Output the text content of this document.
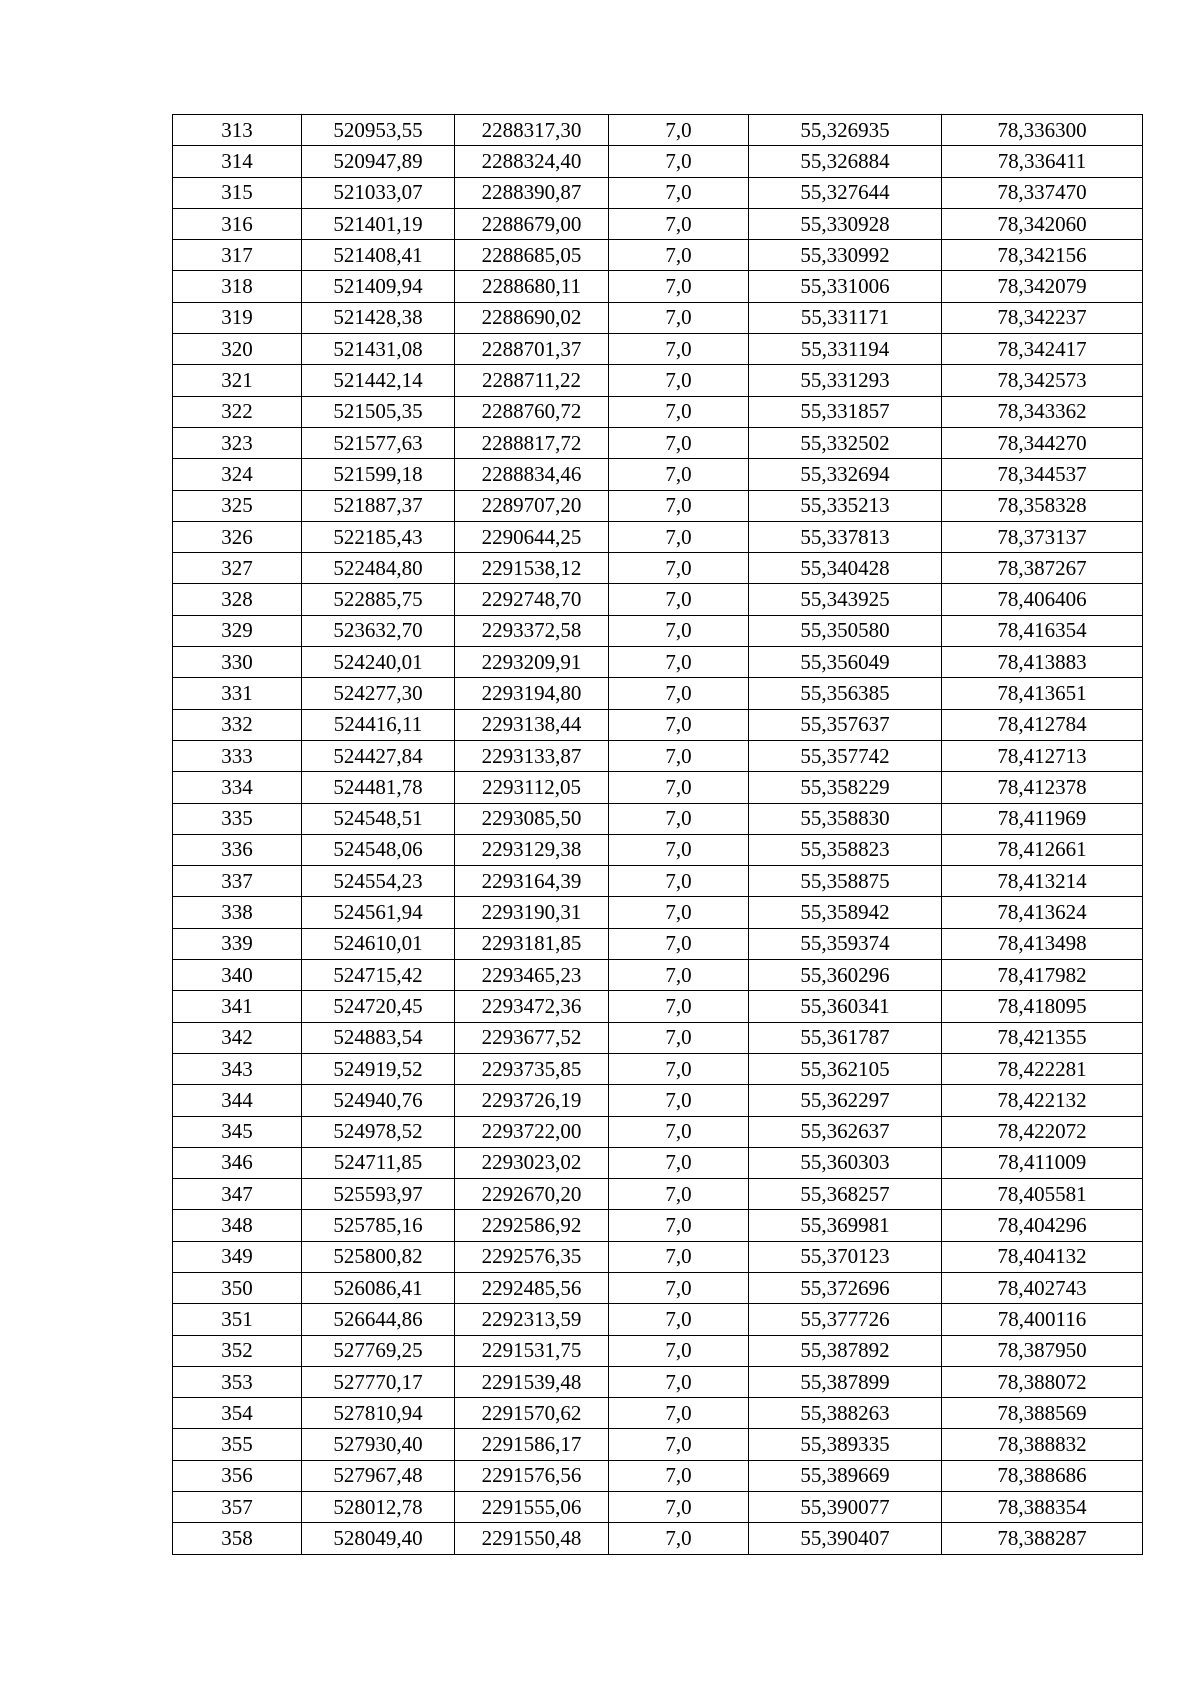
313	520953,55	2288317,30	7,0	55,326935	78,336300
314	520947,89	2288324,40	7,0	55,326884	78,336411
315	521033,07	2288390,87	7,0	55,327644	78,337470
316	521401,19	2288679,00	7,0	55,330928	78,342060
317	521408,41	2288685,05	7,0	55,330992	78,342156
318	521409,94	2288680,11	7,0	55,331006	78,342079
319	521428,38	2288690,02	7,0	55,331171	78,342237
320	521431,08	2288701,37	7,0	55,331194	78,342417
321	521442,14	2288711,22	7,0	55,331293	78,342573
322	521505,35	2288760,72	7,0	55,331857	78,343362
323	521577,63	2288817,72	7,0	55,332502	78,344270
324	521599,18	2288834,46	7,0	55,332694	78,344537
325	521887,37	2289707,20	7,0	55,335213	78,358328
326	522185,43	2290644,25	7,0	55,337813	78,373137
327	522484,80	2291538,12	7,0	55,340428	78,387267
328	522885,75	2292748,70	7,0	55,343925	78,406406
329	523632,70	2293372,58	7,0	55,350580	78,416354
330	524240,01	2293209,91	7,0	55,356049	78,413883
331	524277,30	2293194,80	7,0	55,356385	78,413651
332	524416,11	2293138,44	7,0	55,357637	78,412784
333	524427,84	2293133,87	7,0	55,357742	78,412713
334	524481,78	2293112,05	7,0	55,358229	78,412378
335	524548,51	2293085,50	7,0	55,358830	78,411969
336	524548,06	2293129,38	7,0	55,358823	78,412661
337	524554,23	2293164,39	7,0	55,358875	78,413214
338	524561,94	2293190,31	7,0	55,358942	78,413624
339	524610,01	2293181,85	7,0	55,359374	78,413498
340	524715,42	2293465,23	7,0	55,360296	78,417982
341	524720,45	2293472,36	7,0	55,360341	78,418095
342	524883,54	2293677,52	7,0	55,361787	78,421355
343	524919,52	2293735,85	7,0	55,362105	78,422281
344	524940,76	2293726,19	7,0	55,362297	78,422132
345	524978,52	2293722,00	7,0	55,362637	78,422072
346	524711,85	2293023,02	7,0	55,360303	78,411009
347	525593,97	2292670,20	7,0	55,368257	78,405581
348	525785,16	2292586,92	7,0	55,369981	78,404296
349	525800,82	2292576,35	7,0	55,370123	78,404132
350	526086,41	2292485,56	7,0	55,372696	78,402743
351	526644,86	2292313,59	7,0	55,377726	78,400116
352	527769,25	2291531,75	7,0	55,387892	78,387950
353	527770,17	2291539,48	7,0	55,387899	78,388072
354	527810,94	2291570,62	7,0	55,388263	78,388569
355	527930,40	2291586,17	7,0	55,389335	78,388832
356	527967,48	2291576,56	7,0	55,389669	78,388686
357	528012,78	2291555,06	7,0	55,390077	78,388354
358	528049,40	2291550,48	7,0	55,390407	78,388287
